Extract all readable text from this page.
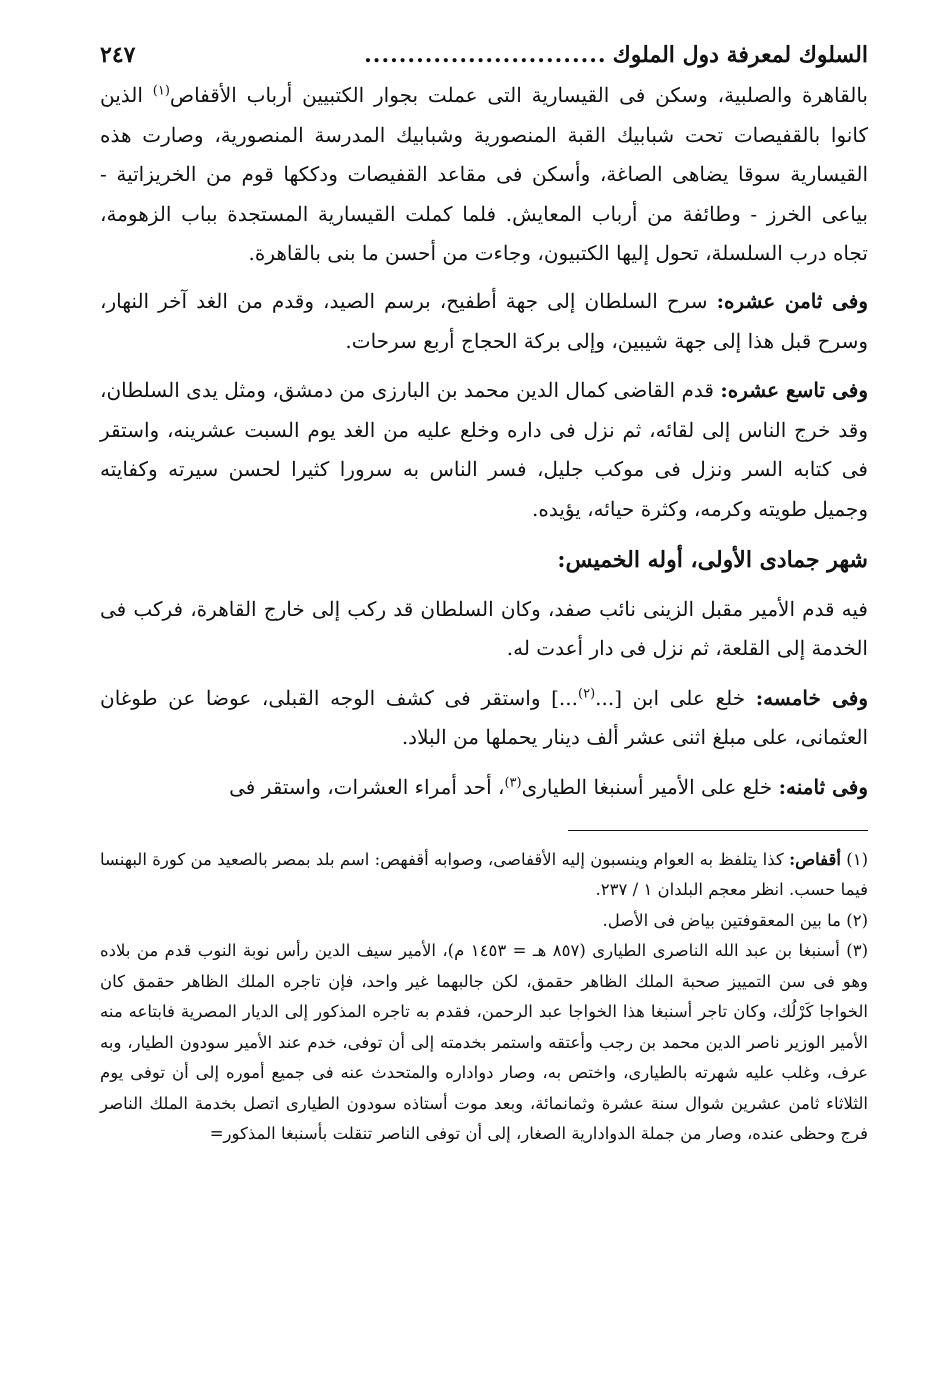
السلوك لمعرفة دول الملوك
............................
٢٤٧

بالقاهرة والصلبية، وسكن فى القيسارية التى عملت بجوار الكتبيين أرباب الأقفاص$^{(١)}$ الذين كانوا بالقفيصات تحت شبابيك القبة المنصورية وشبابيك المدرسة المنصورية، وصارت هذه القيسارية سوقا يضاهى الصاغة، وأسكن فى مقاعد القفيصات ودككها قوم من الخريزاتية - بياعى الخرز - وطائفة من أرباب المعايش. فلما كملت القيسارية المستجدة بباب الزهومة، تجاه درب السلسلة، تحول إليها الكتبيون، وجاءت من أحسن ما بنى بالقاهرة.

وفى ثامن عشره: سرح السلطان إلى جهة أطفيح، برسم الصيد، وقدم من الغد آخر النهار، وسرح قبل هذا إلى جهة شيبين، وإلى بركة الحجاج أربع سرحات.

وفى تاسع عشره: قدم القاضى كمال الدين محمد بن البارزى من دمشق، ومثل يدى السلطان، وقد خرج الناس إلى لقائه، ثم نزل فى داره وخلع عليه من الغد يوم السبت عشرينه، واستقر فى كتابه السر ونزل فى موكب جليل، فسر الناس به سرورا كثيرا لحسن سيرته وكفايته وجميل طويته وكرمه، وكثرة حيائه، يؤيده.

شهر جمادى الأولى، أوله الخميس:

فيه قدم الأمير مقبل الزينى نائب صفد، وكان السلطان قد ركب إلى خارج القاهرة، فركب فى الخدمة إلى القلعة، ثم نزل فى دار أعدت له.

وفى خامسه: خلع على ابن [...$^{(٢)}$...] واستقر فى كشف الوجه القبلى، عوضا عن طوغان العثمانى، على مبلغ اثنى عشر ألف دينار يحملها من البلاد.

وفى ثامنه: خلع على الأمير أسنبغا الطيارى$^{(٣)}$، أحد أمراء العشرات، واستقر فى

(١) أقفاص: كذا يتلفظ به العوام وينسبون إليه الأقفاصى، وصوابه أقفهص: اسم بلد بمصر بالصعيد من كورة البهنسا فيما حسب. انظر معجم البلدان ١ / ٢٣٧.

(٢) ما بين المعقوفتين بياض فى الأصل.

(٣) أسنبغا بن عبد الله الناصرى الطيارى (٨٥٧ هـ = ١٤٥٣ م)، الأمير سيف الدين رأس نوبة النوب قدم من بلاده وهو فى سن التمييز صحبة الملك الظاهر حقمق، لكن جالبهما غير واحد، فإن تاجره الملك الظاهر حقمق كان الخواجا كَرْلُك، وكان تاجر أسنبغا هذا الخواجا عبد الرحمن، فقدم به تاجره المذكور إلى الديار المصرية فابتاعه منه الأمير الوزير ناصر الدين محمد بن رجب وأعتقه واستمر بخدمته إلى أن توفى، خدم عند الأمير سودون الطيار، وبه عرف، وغلب عليه شهرته بالطيارى، واختص به، وصار دواداره والمتحدث عنه فى جميع أموره إلى أن توفى يوم الثلاثاء ثامن عشرين شوال سنة عشرة وثمانمائة، وبعد موت أستاذه سودون الطيارى اتصل بخدمة الملك الناصر فرج وحظى عنده، وصار من جملة الدوادارية الصغار، إلى أن توفى الناصر تنقلت بأسنبغا المذكور=
